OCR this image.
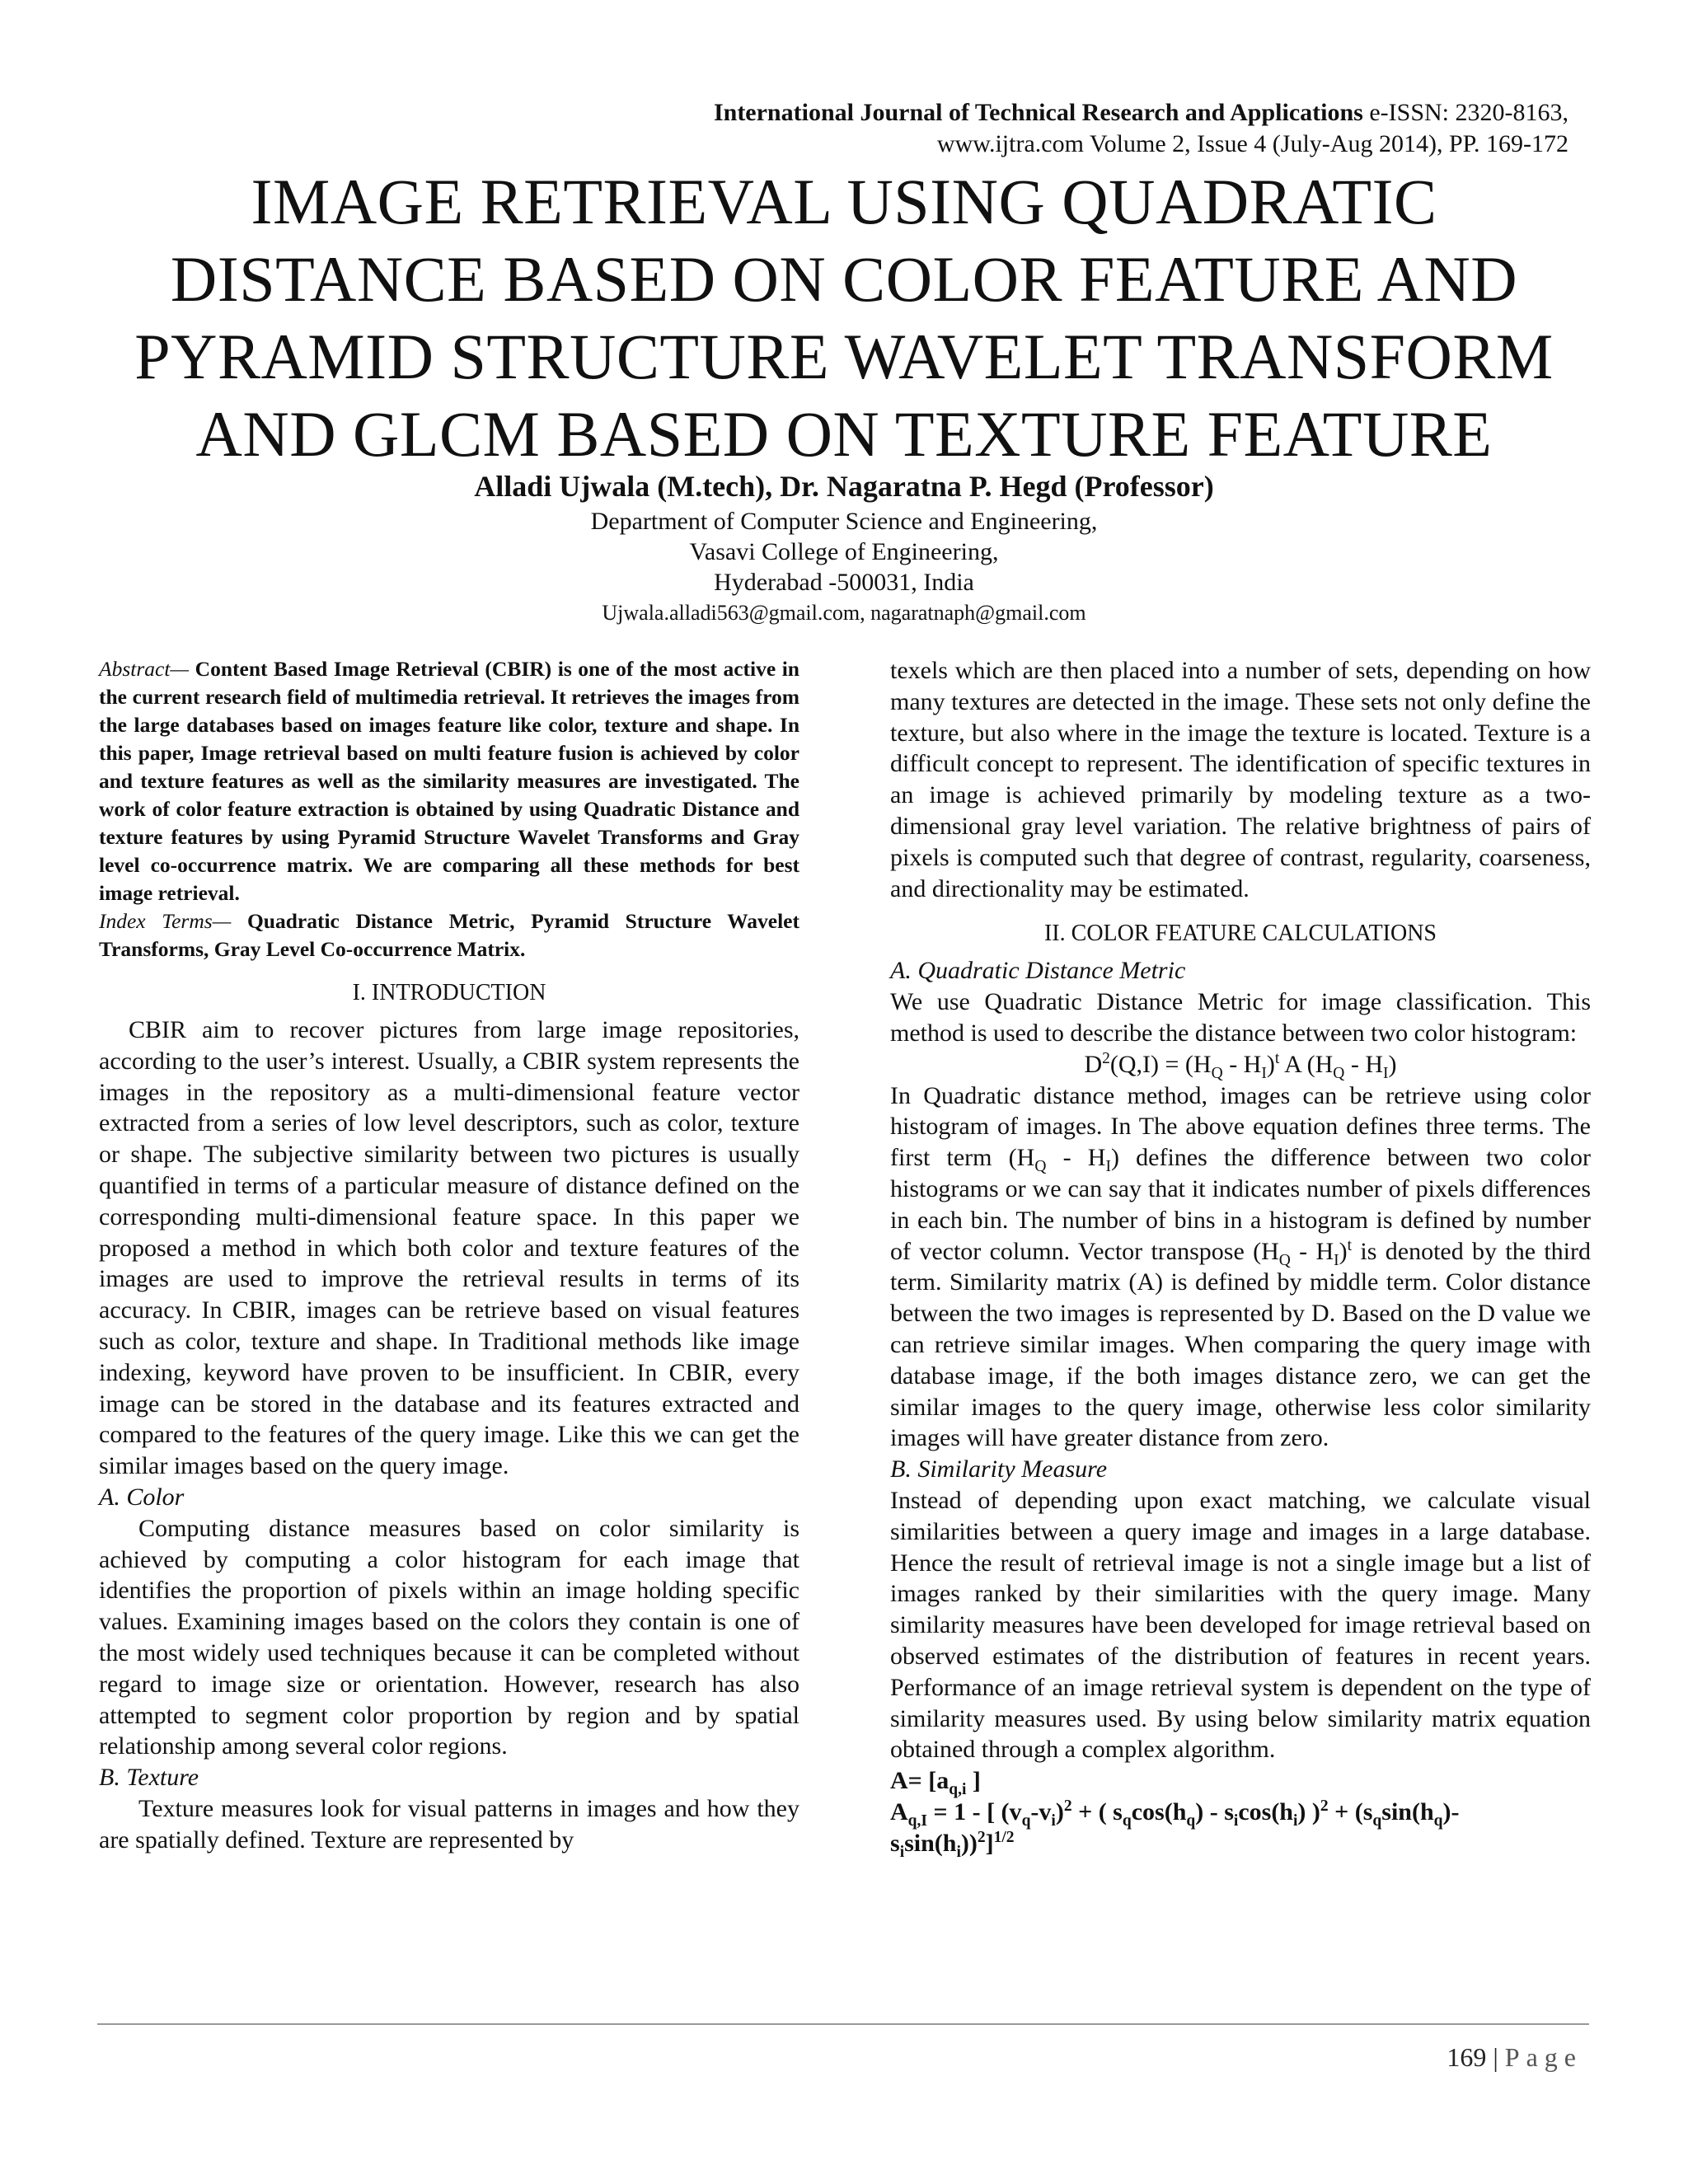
International Journal of Technical Research and Applications e-ISSN: 2320-8163,
www.ijtra.com Volume 2, Issue 4 (July-Aug 2014), PP. 169-172
IMAGE RETRIEVAL USING QUADRATIC
DISTANCE BASED ON COLOR FEATURE AND
PYRAMID STRUCTURE WAVELET TRANSFORM
AND GLCM BASED ON TEXTURE FEATURE
Alladi Ujwala (M.tech), Dr. Nagaratna P. Hegd (Professor)
Department of Computer Science and Engineering,
Vasavi College of Engineering,
Hyderabad -500031, India
Ujwala.alladi563@gmail.com, nagaratnaph@gmail.com

Abstract— Content Based Image Retrieval (CBIR) is one of the most active in the current research field of multimedia retrieval. It retrieves the images from the large databases based on images feature like color, texture and shape. In this paper, Image retrieval based on multi feature fusion is achieved by color and texture features as well as the similarity measures are investigated. The work of color feature extraction is obtained by using Quadratic Distance and texture features by using Pyramid Structure Wavelet Transforms and Gray level co-occurrence matrix. We are comparing all these methods for best image retrieval.

Index Terms— Quadratic Distance Metric, Pyramid Structure Wavelet Transforms, Gray Level Co-occurrence Matrix.

I. INTRODUCTION

CBIR aim to recover pictures from large image repositories, according to the user’s interest. Usually, a CBIR system represents the images in the repository as a multi-dimensional feature vector extracted from a series of low level descriptors, such as color, texture or shape. The subjective similarity between two pictures is usually quantified in terms of a particular measure of distance defined on the corresponding multi-dimensional feature space. In this paper we proposed a method in which both color and texture features of the images are used to improve the retrieval results in terms of its accuracy. In CBIR, images can be retrieve based on visual features such as color, texture and shape. In Traditional methods like image indexing, keyword have proven to be insufficient. In CBIR, every image can be stored in the database and its features extracted and compared to the features of the query image. Like this we can get the similar images based on the query image.

A. Color

Computing distance measures based on color similarity is achieved by computing a color histogram for each image that identifies the proportion of pixels within an image holding specific values. Examining images based on the colors they contain is one of the most widely used techniques because it can be completed without regard to image size or orientation. However, research has also attempted to segment color proportion by region and by spatial relationship among several color regions.

B. Texture

Texture measures look for visual patterns in images and how they are spatially defined. Texture are represented by

texels which are then placed into a number of sets, depending on how many textures are detected in the image. These sets not only define the texture, but also where in the image the texture is located. Texture is a difficult concept to represent. The identification of specific textures in an image is achieved primarily by modeling texture as a two-dimensional gray level variation. The relative brightness of pairs of pixels is computed such that degree of contrast, regularity, coarseness, and directionality may be estimated.

II. COLOR FEATURE CALCULATIONS

A. Quadratic Distance Metric

We use Quadratic Distance Metric for image classification. This method is used to describe the distance between two color histogram:

$D^2(Q,I) = (H_Q - H_I)^t$ A $(H_Q - H_I)$

In Quadratic distance method, images can be retrieve using color histogram of images. In The above equation defines three terms. The first term $(H_Q - H_I)$ defines the difference between two color histograms or we can say that it indicates number of pixels differences in each bin. The number of bins in a histogram is defined by number of vector column. Vector transpose $(H_Q - H_I)^t$ is denoted by the third term. Similarity matrix (A) is defined by middle term. Color distance between the two images is represented by D. Based on the D value we can retrieve similar images. When comparing the query image with database image, if the both images distance zero, we can get the similar images to the query image, otherwise less color similarity images will have greater distance from zero.

B. Similarity Measure

Instead of depending upon exact matching, we calculate visual similarities between a query image and images in a large database. Hence the result of retrieval image is not a single image but a list of images ranked by their similarities with the query image. Many similarity measures have been developed for image retrieval based on observed estimates of the distribution of features in recent years. Performance of an image retrieval system is dependent on the type of similarity measures used. By using below similarity matrix equation obtained through a complex algorithm.

$A= [a_{q,i}$ ]

$A_{q,I} = 1$ - [ $(v_q-v_i)^2$ + ( $s_q\cos(h_q) - s_i\cos(h_i) )^2 + (s_q\sin(h_q)-$
$s_i\sin(h_i))^2]^{1/2}$

169 | Page
